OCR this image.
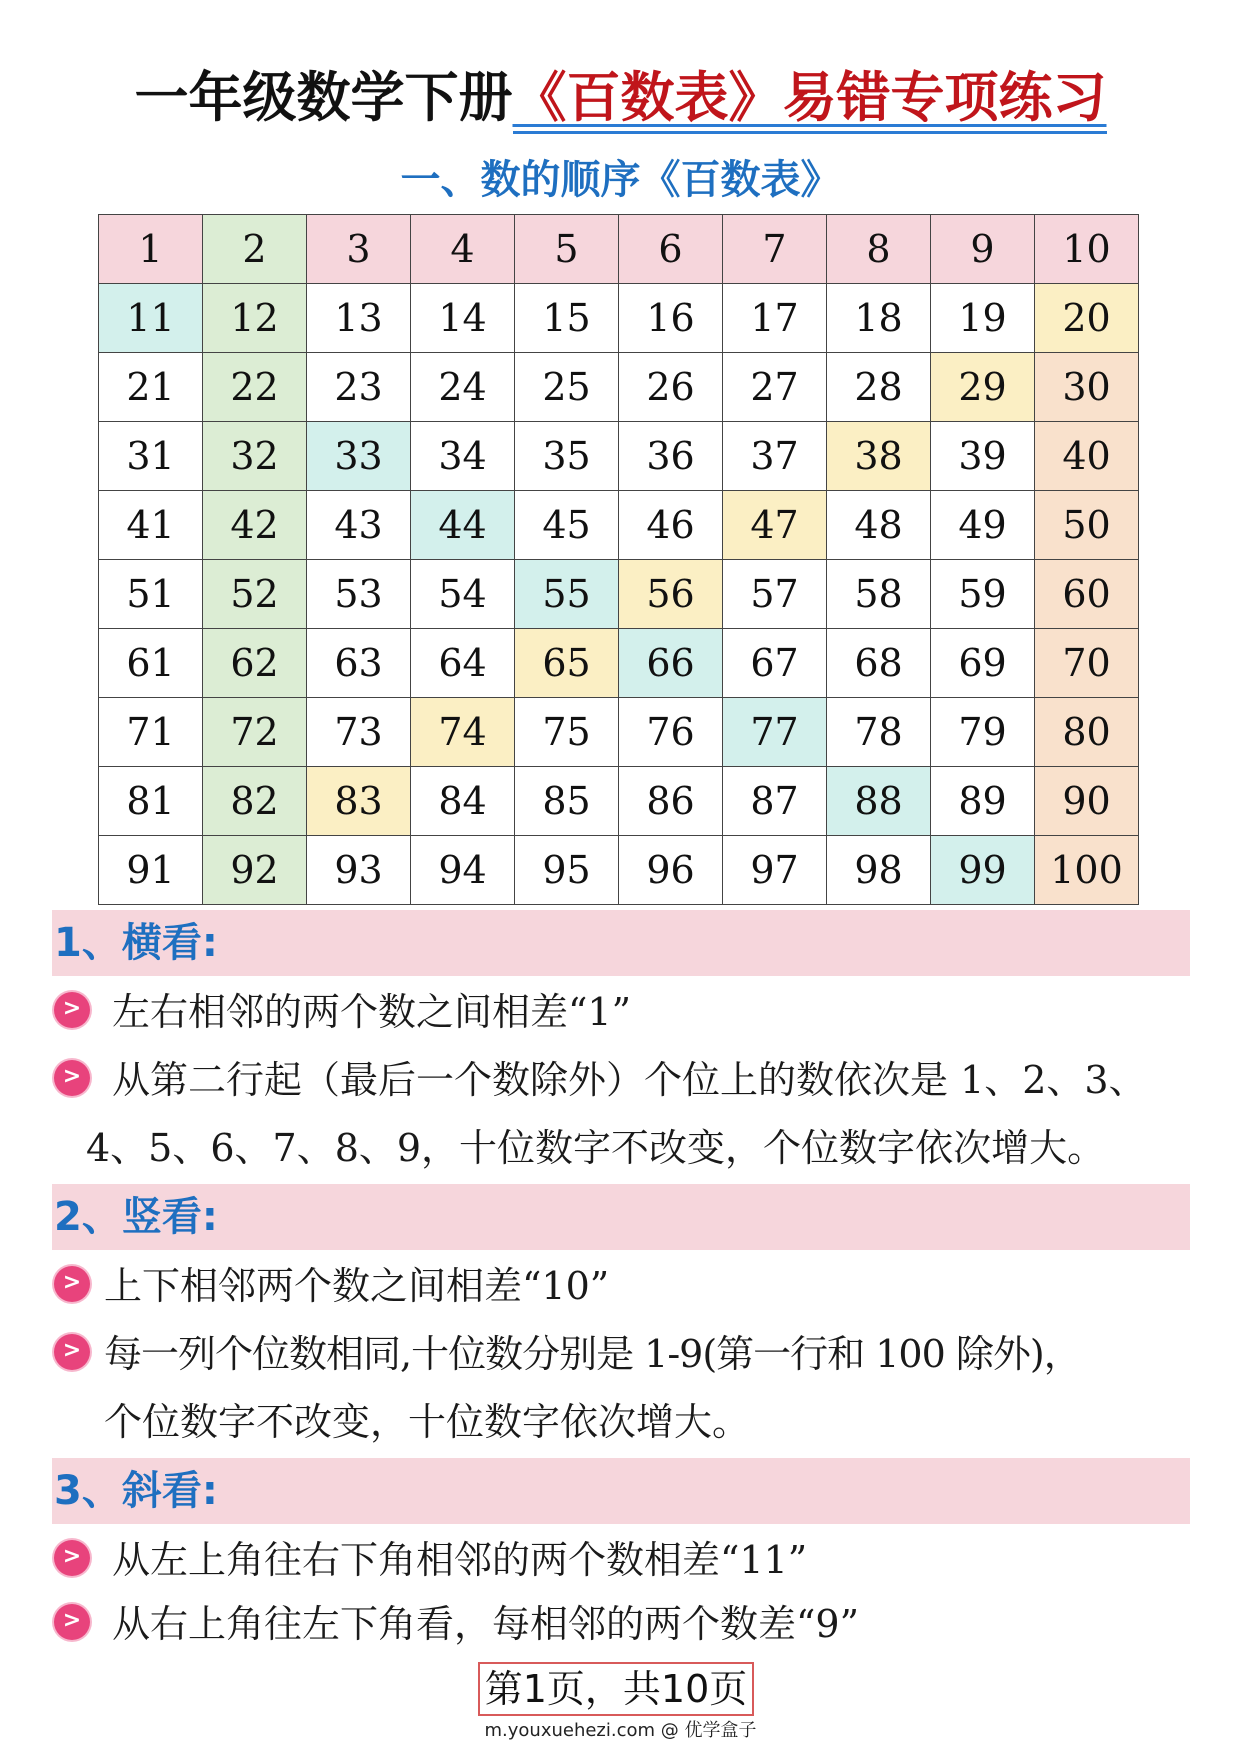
一年级数学下册《百数表》易错专项练习
一、数的顺序《百数表》
1	2	3	4	5	6	7	8	9	10
11	12	13	14	15	16	17	18	19	20
21	22	23	24	25	26	27	28	29	30
31	32	33	34	35	36	37	38	39	40
41	42	43	44	45	46	47	48	49	50
51	52	53	54	55	56	57	58	59	60
61	62	63	64	65	66	67	68	69	70
71	72	73	74	75	76	77	78	79	80
81	82	83	84	85	86	87	88	89	90
91	92	93	94	95	96	97	98	99	100
1、横看:
> 左右相邻的两个数之间相差“1”
> 从第二行起（最后一个数除外）个位上的数依次是 1、2、3、
4、5、6、7、8、9，十位数字不改变，个位数字依次增大。
2、竖看:
> 上下相邻两个数之间相差“10”
> 每一列个位数相同,十位数分别是 1-9(第一行和 100 除外)，
个位数字不改变，十位数字依次增大。
3、斜看:
> 从左上角往右下角相邻的两个数相差“11”
> 从右上角往左下角看，每相邻的两个数差“9”
第1页，共10页
m.youxuehezi.com @ 优学盒子
